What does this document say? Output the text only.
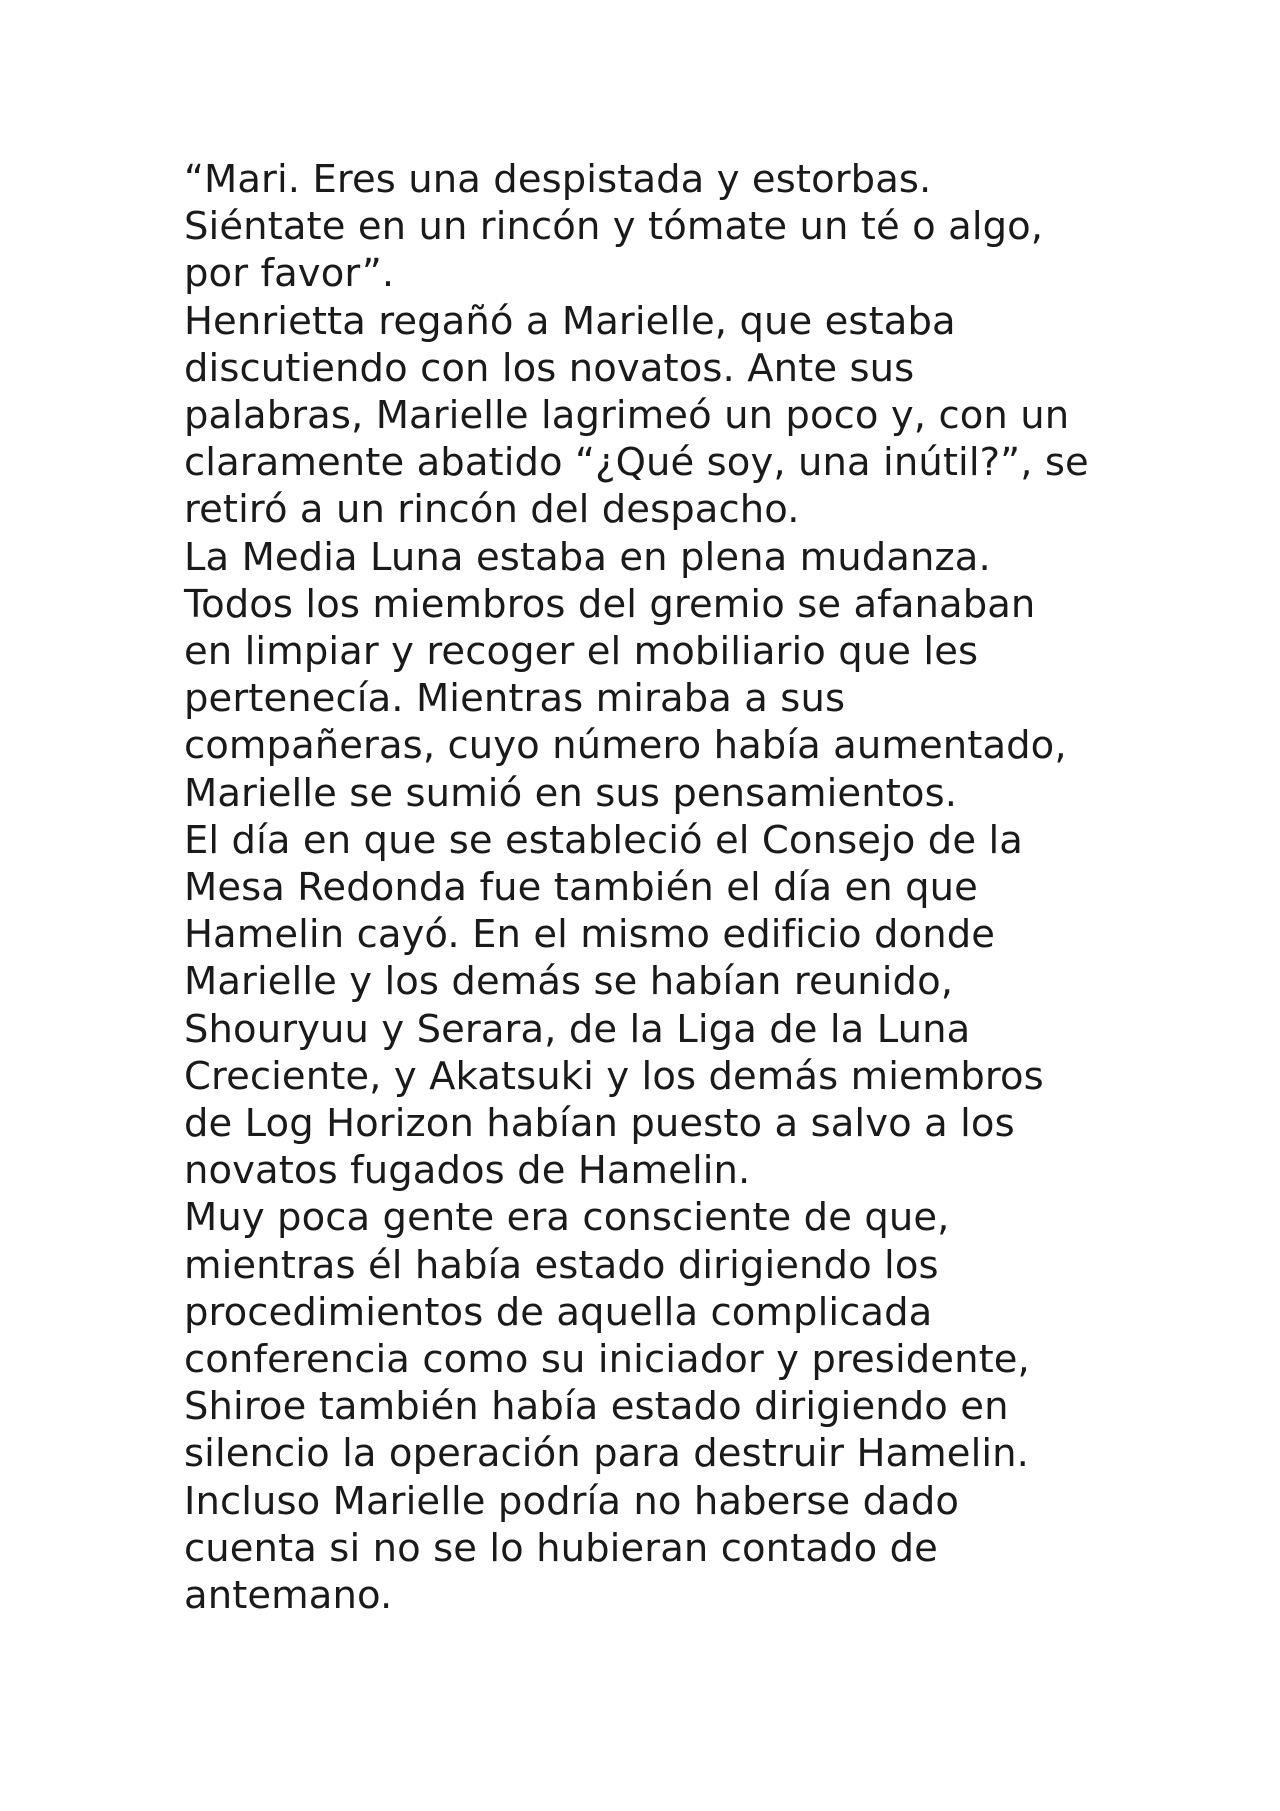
“Mari. Eres una despistada y estorbas.
Siéntate en un rincón y tómate un té o algo,
por favor”.
Henrietta regañó a Marielle, que estaba
discutiendo con los novatos. Ante sus
palabras, Marielle lagrimeó un poco y, con un
claramente abatido “¿Qué soy, una inútil?”, se
retiró a un rincón del despacho.
La Media Luna estaba en plena mudanza.
Todos los miembros del gremio se afanaban
en limpiar y recoger el mobiliario que les
pertenecía. Mientras miraba a sus
compañeras, cuyo número había aumentado,
Marielle se sumió en sus pensamientos.
El día en que se estableció el Consejo de la
Mesa Redonda fue también el día en que
Hamelin cayó. En el mismo edificio donde
Marielle y los demás se habían reunido,
Shouryuu y Serara, de la Liga de la Luna
Creciente, y Akatsuki y los demás miembros
de Log Horizon habían puesto a salvo a los
novatos fugados de Hamelin.
Muy poca gente era consciente de que,
mientras él había estado dirigiendo los
procedimientos de aquella complicada
conferencia como su iniciador y presidente,
Shiroe también había estado dirigiendo en
silencio la operación para destruir Hamelin.
Incluso Marielle podría no haberse dado
cuenta si no se lo hubieran contado de
antemano.
